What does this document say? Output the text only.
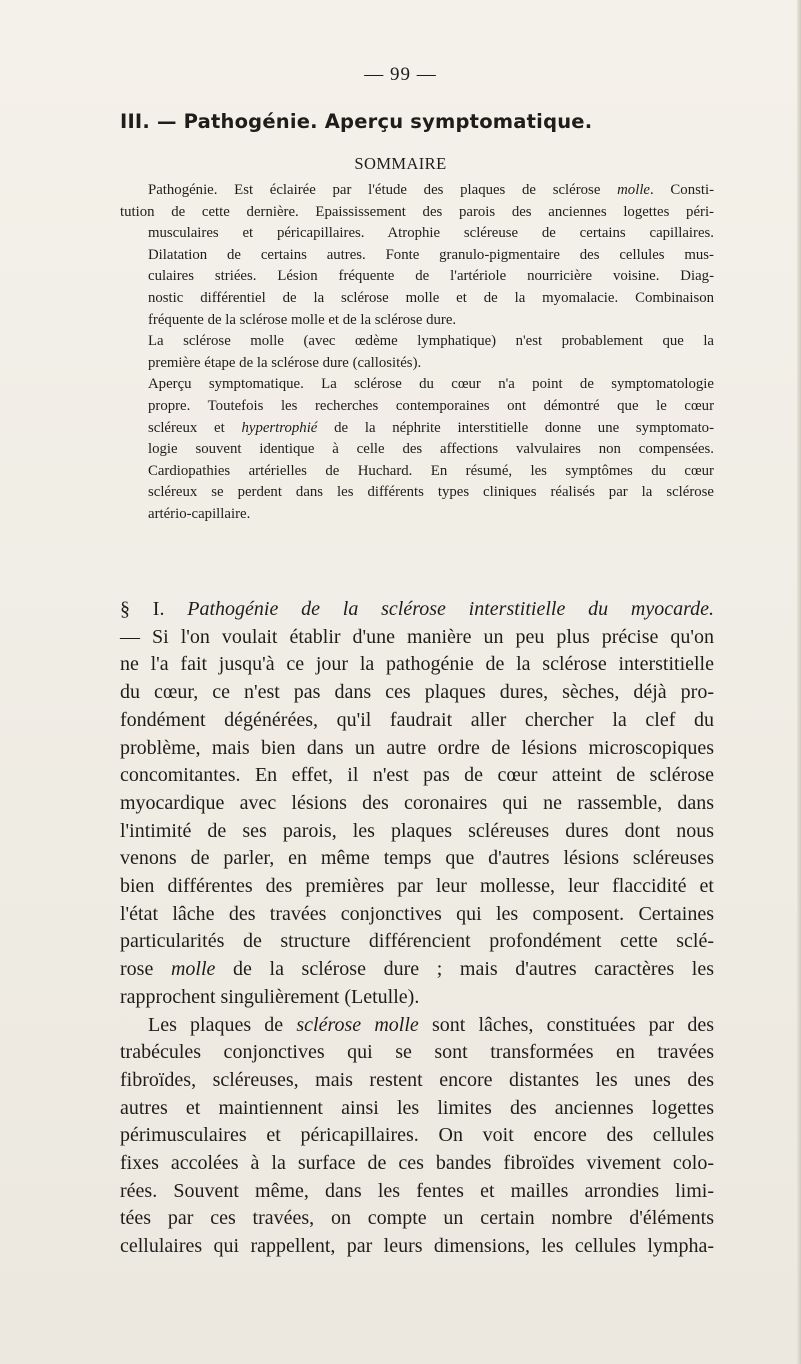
— 99 —
III. — Pathogénie. Aperçu symptomatique.
SOMMAIRE

Pathogénie. Est éclairée par l'étude des plaques de sclérose molle. Consti-
tution de cette dernière. Epaississement des parois des anciennes logettes péri-
musculaires et péricapillaires. Atrophie scléreuse de certains capillaires.
Dilatation de certains autres. Fonte granulo-pigmentaire des cellules mus-
culaires striées. Lésion fréquente de l'artériole nourricière voisine. Diag-
nostic différentiel de la sclérose molle et de la myomalacie. Combinaison
fréquente de la sclérose molle et de la sclérose dure.

La sclérose molle (avec œdème lymphatique) n'est probablement que la
première étape de la sclérose dure (callosités).

Aperçu symptomatique. La sclérose du cœur n'a point de symptomatologie
propre. Toutefois les recherches contemporaines ont démontré que le cœur
scléreux et hypertrophié de la néphrite interstitielle donne une symptomato-
logie souvent identique à celle des affections valvulaires non compensées.
Cardiopathies artérielles de Huchard. En résumé, les symptômes du cœur
scléreux se perdent dans les différents types cliniques réalisés par la sclérose
artério-capillaire.

§ I. Pathogénie de la sclérose interstitielle du myocarde.
— Si l'on voulait établir d'une manière un peu plus précise qu'on
ne l'a fait jusqu'à ce jour la pathogénie de la sclérose interstitielle
du cœur, ce n'est pas dans ces plaques dures, sèches, déjà pro-
fondément dégénérées, qu'il faudrait aller chercher la clef du
problème, mais bien dans un autre ordre de lésions microscopiques
concomitantes. En effet, il n'est pas de cœur atteint de sclérose
myocardique avec lésions des coronaires qui ne rassemble, dans
l'intimité de ses parois, les plaques scléreuses dures dont nous
venons de parler, en même temps que d'autres lésions scléreuses
bien différentes des premières par leur mollesse, leur flaccidité et
l'état lâche des travées conjonctives qui les composent. Certaines
particularités de structure différencient profondément cette sclé-
rose molle de la sclérose dure ; mais d'autres caractères les
rapprochent singulièrement (Letulle).

Les plaques de sclérose molle sont lâches, constituées par des
trabécules conjonctives qui se sont transformées en travées
fibroïdes, scléreuses, mais restent encore distantes les unes des
autres et maintiennent ainsi les limites des anciennes logettes
périmusculaires et péricapillaires. On voit encore des cellules
fixes accolées à la surface de ces bandes fibroïdes vivement colo-
rées. Souvent même, dans les fentes et mailles arrondies limi-
tées par ces travées, on compte un certain nombre d'éléments
cellulaires qui rappellent, par leurs dimensions, les cellules lympha-
